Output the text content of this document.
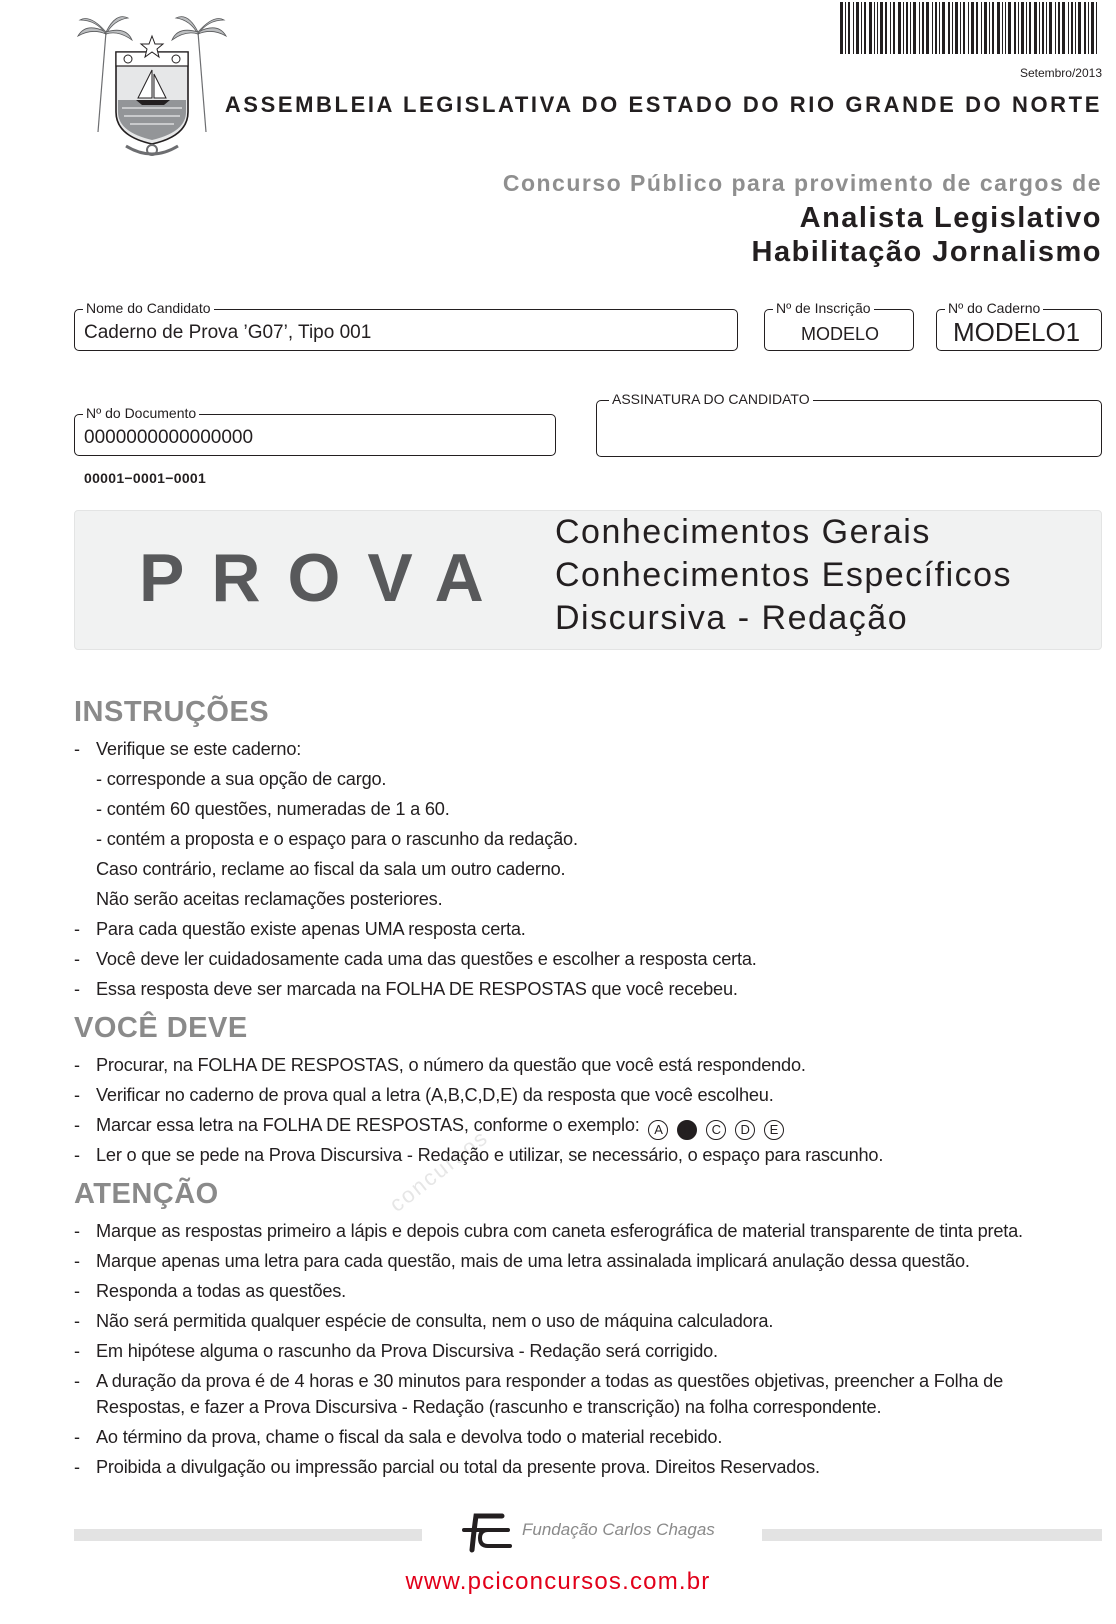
Setembro/2013
ASSEMBLEIA LEGISLATIVA DO ESTADO DO RIO GRANDE DO NORTE
Concurso Público para provimento de cargos de
Analista Legislativo
Habilitação Jornalismo
Nome do Candidato
Caderno de Prova ’G07’, Tipo 001
Nº de Inscrição
MODELO
Nº do Caderno
MODELO1
Nº do Documento
0000000000000000
ASSINATURA DO CANDIDATO
00001−0001−0001
PROVA
Conhecimentos Gerais
Conhecimentos Específicos
Discursiva - Redação
concursos
INSTRUÇÕES
- Verifique se este caderno:
- corresponde a sua opção de cargo.
- contém 60 questões, numeradas de 1 a 60.
- contém a proposta e o espaço para o rascunho da redação.
Caso contrário, reclame ao fiscal da sala um outro caderno.
Não serão aceitas reclamações posteriores.
- Para cada questão existe apenas UMA resposta certa.
- Você deve ler cuidadosamente cada uma das questões e escolher a resposta certa.
- Essa resposta deve ser marcada na FOLHA DE RESPOSTAS que você recebeu.
VOCÊ DEVE
- Procurar, na FOLHA DE RESPOSTAS, o número da questão que você está respondendo.
- Verificar no caderno de prova qual a letra (A,B,C,D,E) da resposta que você escolheu.
- Marcar essa letra na FOLHA DE RESPOSTAS, conforme o exemplo: A B C D E
- Ler o que se pede na Prova Discursiva - Redação e utilizar, se necessário, o espaço para rascunho.
ATENÇÃO
- Marque as respostas primeiro a lápis e depois cubra com caneta esferográfica de material transparente de tinta preta.
- Marque apenas uma letra para cada questão, mais de uma letra assinalada implicará anulação dessa questão.
- Responda a todas as questões.
- Não será permitida qualquer espécie de consulta, nem o uso de máquina calculadora.
- Em hipótese alguma o rascunho da Prova Discursiva - Redação será corrigido.
- A duração da prova é de 4 horas e 30 minutos para responder a todas as questões objetivas, preencher a Folha de
Respostas, e fazer a Prova Discursiva - Redação (rascunho e transcrição) na folha correspondente.
- Ao término da prova, chame o fiscal da sala e devolva todo o material recebido.
- Proibida a divulgação ou impressão parcial ou total da presente prova. Direitos Reservados.
Fundação Carlos Chagas
www.pciconcursos.com.br
